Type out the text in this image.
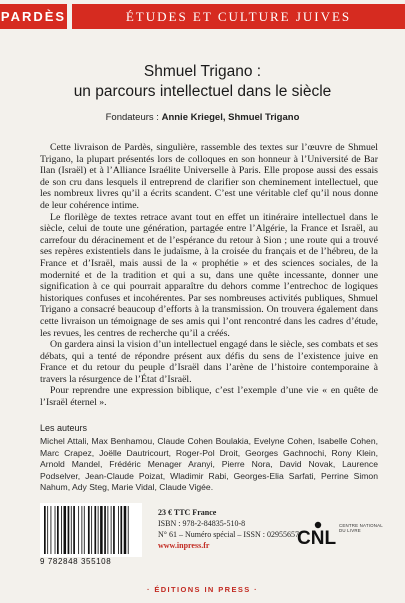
PARDÈS	ÉTUDES ET CULTURE JUIVES
Shmuel Trigano :
un parcours intellectuel dans le siècle
Fondateurs : Annie Kriegel, Shmuel Trigano

Cette livraison de Pardès, singulière, rassemble des textes sur l’œuvre de Shmuel Trigano, la plupart présentés lors de colloques en son honneur à l’Université de Bar Ilan (Israël) et à l’Alliance Israélite Universelle à Paris. Elle propose aussi des essais de son cru dans lesquels il entreprend de clarifier son cheminement intellectuel, que les nombreux livres qu’il a écrits scandent. C’est une véritable clef qu’il nous donne de leur cohérence intime.

Le florilège de textes retrace avant tout en effet un itinéraire intellectuel dans le siècle, celui de toute une génération, partagée entre l’Algérie, la France et Israël, au carrefour du déracinement et de l’espérance du retour à Sion ; une route qui a trouvé ses repères existentiels dans le judaïsme, à la croisée du français et de l’hébreu, de la France et d’Israël, mais aussi de la « prophétie » et des sciences sociales, de la modernité et de la tradition et qui a su, dans une quête incessante, donner une signification à ce qui pourrait apparaître du dehors comme l’entrechoc de logiques historiques confuses et incohérentes. Par ses nombreuses activités publiques, Shmuel Trigano a consacré beaucoup d’efforts à la transmission. On trouvera également dans cette livraison un témoignage de ses amis qui l’ont rencontré dans les cadres d’étude, les revues, les centres de recherche qu’il a créés.

On gardera ainsi la vision d’un intellectuel engagé dans le siècle, ses combats et ses débats, qui a tenté de répondre présent aux défis du sens de l’existence juive en France et du retour du peuple d’Israël dans l’arène de l’histoire contemporaine à travers la résurgence de l’État d’Israël.

Pour reprendre une expression biblique, c’est l’exemple d’une vie « en quête de l’Israël éternel ».

Les auteurs
Michel Attali, Max Benhamou, Claude Cohen Boulakia, Evelyne Cohen, Isabelle Cohen, Marc Crapez, Joëlle Dautricourt, Roger-Pol Droit, Georges Gachnochi, Rony Klein, Arnold Mandel, Frédéric Menager Aranyi, Pierre Nora, David Novak, Laurence Podselver, Jean-Claude Poizat, Wladimir Rabi, Georges-Elia Sarfati, Perrine Simon Nahum, Ady Steg, Marie Vidal, Claude Vigée.
9 782848 355108
23 € TTC France
ISBN : 978-2-84835-510-8
N° 61 – Numéro spécial – ISSN : 02955657
www.inpress.fr	CNL
CENTRE NATIONAL DU LIVRE
· ÉDITIONS IN PRESS ·
